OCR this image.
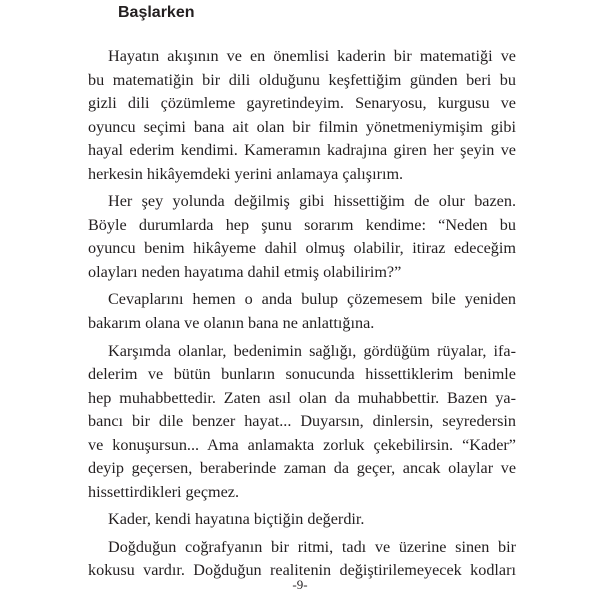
Başlarken
Hayatın akışının ve en önemlisi kaderin bir matematiği ve
bu matematiğin bir dili olduğunu keşfettiğim günden beri bu
gizli dili çözümleme gayretindeyim. Senaryosu, kurgusu ve
oyuncu seçimi bana ait olan bir filmin yönetmeniymişim gibi
hayal ederim kendimi. Kameramın kadrajına giren her şeyin ve
herkesin hikâyemdeki yerini anlamaya çalışırım.
Her şey yolunda değilmiş gibi hissettiğim de olur bazen.
Böyle durumlarda hep şunu sorarım kendime: “Neden bu
oyuncu benim hikâyeme dahil olmuş olabilir, itiraz edeceğim
olayları neden hayatıma dahil etmiş olabilirim?”
Cevaplarını hemen o anda bulup çözemesem bile yeniden
bakarım olana ve olanın bana ne anlattığına.
Karşımda olanlar, bedenimin sağlığı, gördüğüm rüyalar, ifa-
delerim ve bütün bunların sonucunda hissettiklerim benimle
hep muhabbettedir. Zaten asıl olan da muhabbettir. Bazen ya-
bancı bir dile benzer hayat... Duyarsın, dinlersin, seyredersin
ve konuşursun... Ama anlamakta zorluk çekebilirsin. “Kader”
deyip geçersen, beraberinde zaman da geçer, ancak olaylar ve
hissettirdikleri geçmez.
Kader, kendi hayatına biçtiğin değerdir.
Doğduğun coğrafyanın bir ritmi, tadı ve üzerine sinen bir
kokusu vardır. Doğduğun realitenin değiştirilemeyecek kodları
-9-
